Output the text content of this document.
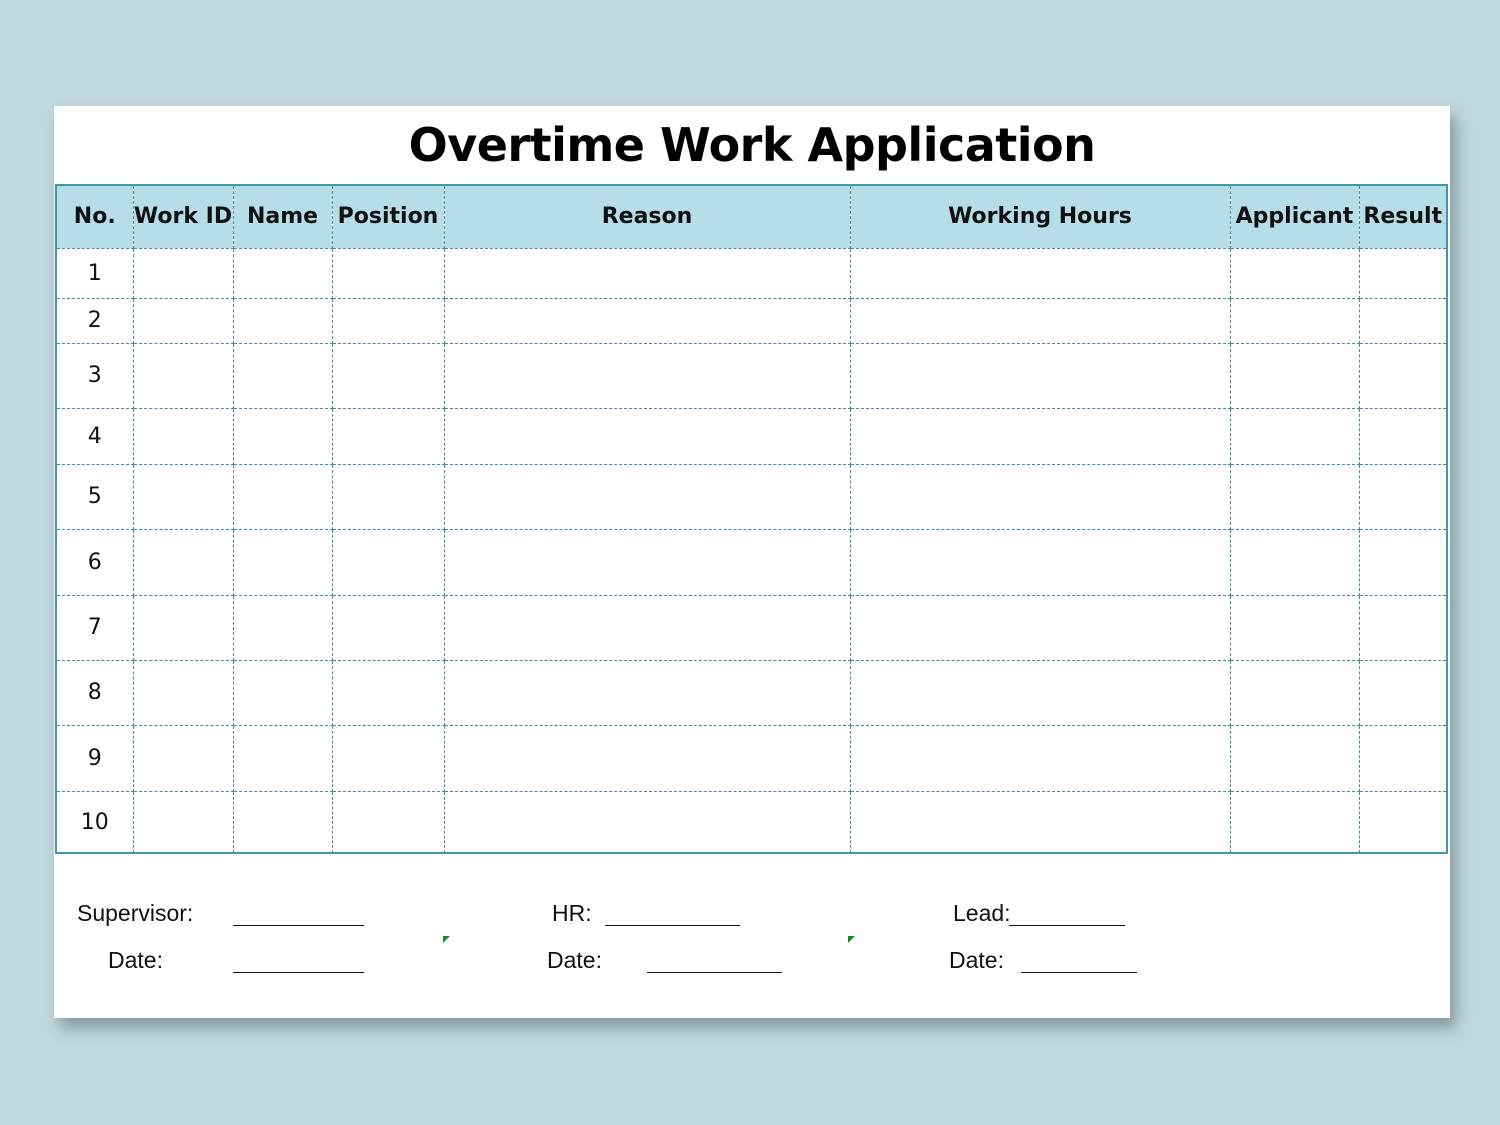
Overtime Work Application
No.	Work ID	Name	Position	Reason	Working Hours	Applicant	Result
1							
2							
3							
4							
5							
6							
7							
8							
9							
10							
Supervisor:
Date:
HR:
Date:
Lead:
Date:
